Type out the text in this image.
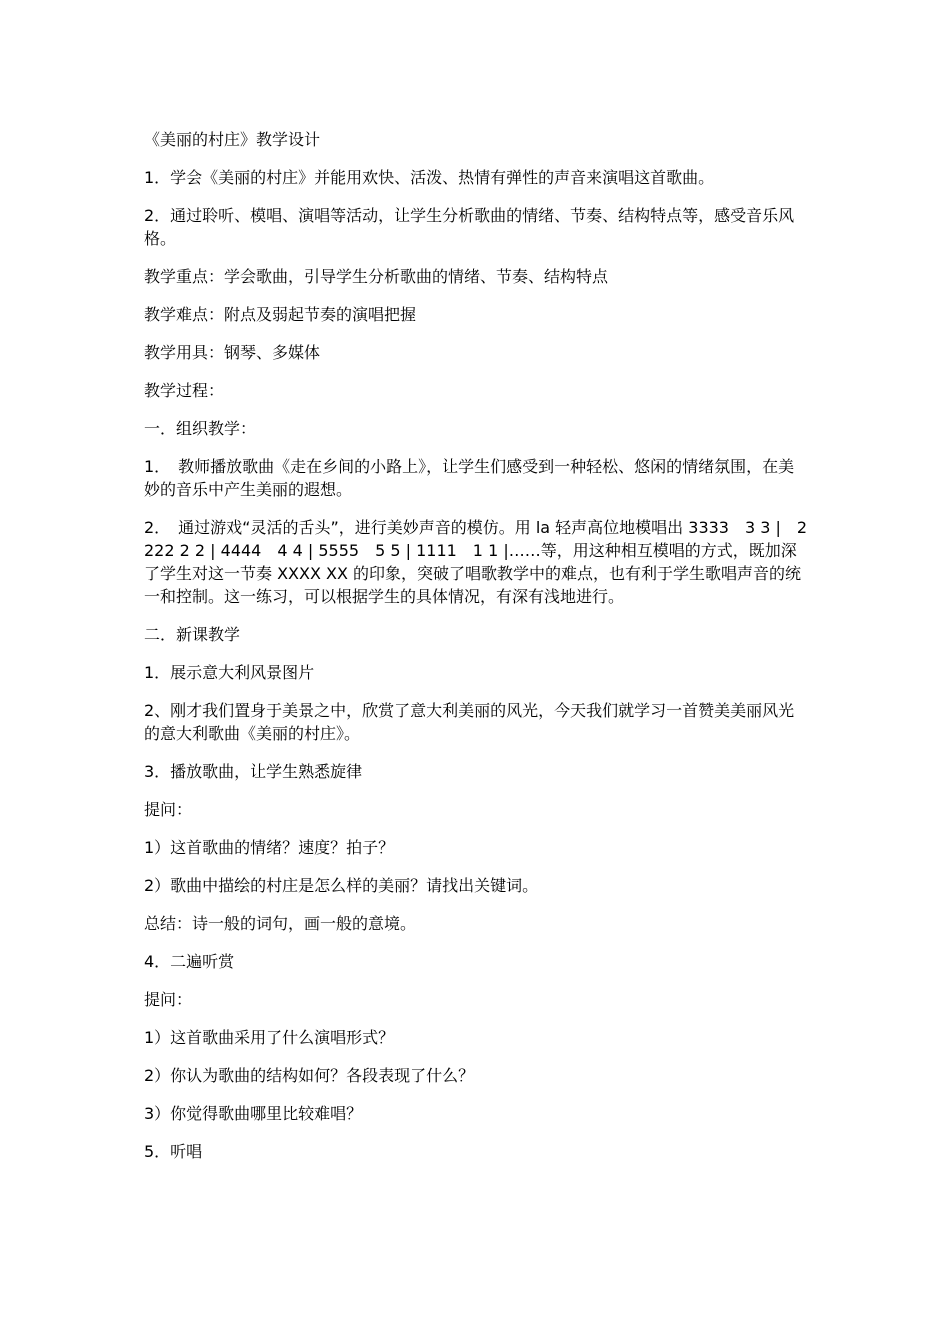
《美丽的村庄》教学设计

1．学会《美丽的村庄》并能用欢快、活泼、热情有弹性的声音来演唱这首歌曲。

2．通过聆听、模唱、演唱等活动，让学生分析歌曲的情绪、节奏、结构特点等，感受音乐风格。

教学重点：学会歌曲，引导学生分析歌曲的情绪、节奏、结构特点

教学难点：附点及弱起节奏的演唱把握

教学用具：钢琴、多媒体

教学过程：

一．组织教学：

1．　教师播放歌曲《走在乡间的小路上》，让学生们感受到一种轻松、悠闲的情绪氛围，在美妙的音乐中产生美丽的遐想。

2．　通过游戏“灵活的舌头”，进行美妙声音的模仿。用 la 轻声高位地模唱出 3333　3 3 |　2222 2 2 | 4444　4 4 | 5555　5 5 | 1111　1 1 |……等，用这种相互模唱的方式，既加深了学生对这一节奏 XXXX XX 的印象，突破了唱歌教学中的难点，也有利于学生歌唱声音的统一和控制。这一练习，可以根据学生的具体情况，有深有浅地进行。

二．新课教学

1．展示意大利风景图片

2、刚才我们置身于美景之中，欣赏了意大利美丽的风光，今天我们就学习一首赞美美丽风光的意大利歌曲《美丽的村庄》。

3．播放歌曲，让学生熟悉旋律

提问：

1）这首歌曲的情绪？速度？拍子？

2）歌曲中描绘的村庄是怎么样的美丽？请找出关键词。

总结：诗一般的词句，画一般的意境。

4．二遍听赏

提问：

1）这首歌曲采用了什么演唱形式？

2）你认为歌曲的结构如何？各段表现了什么？

3）你觉得歌曲哪里比较难唱？

5．听唱
